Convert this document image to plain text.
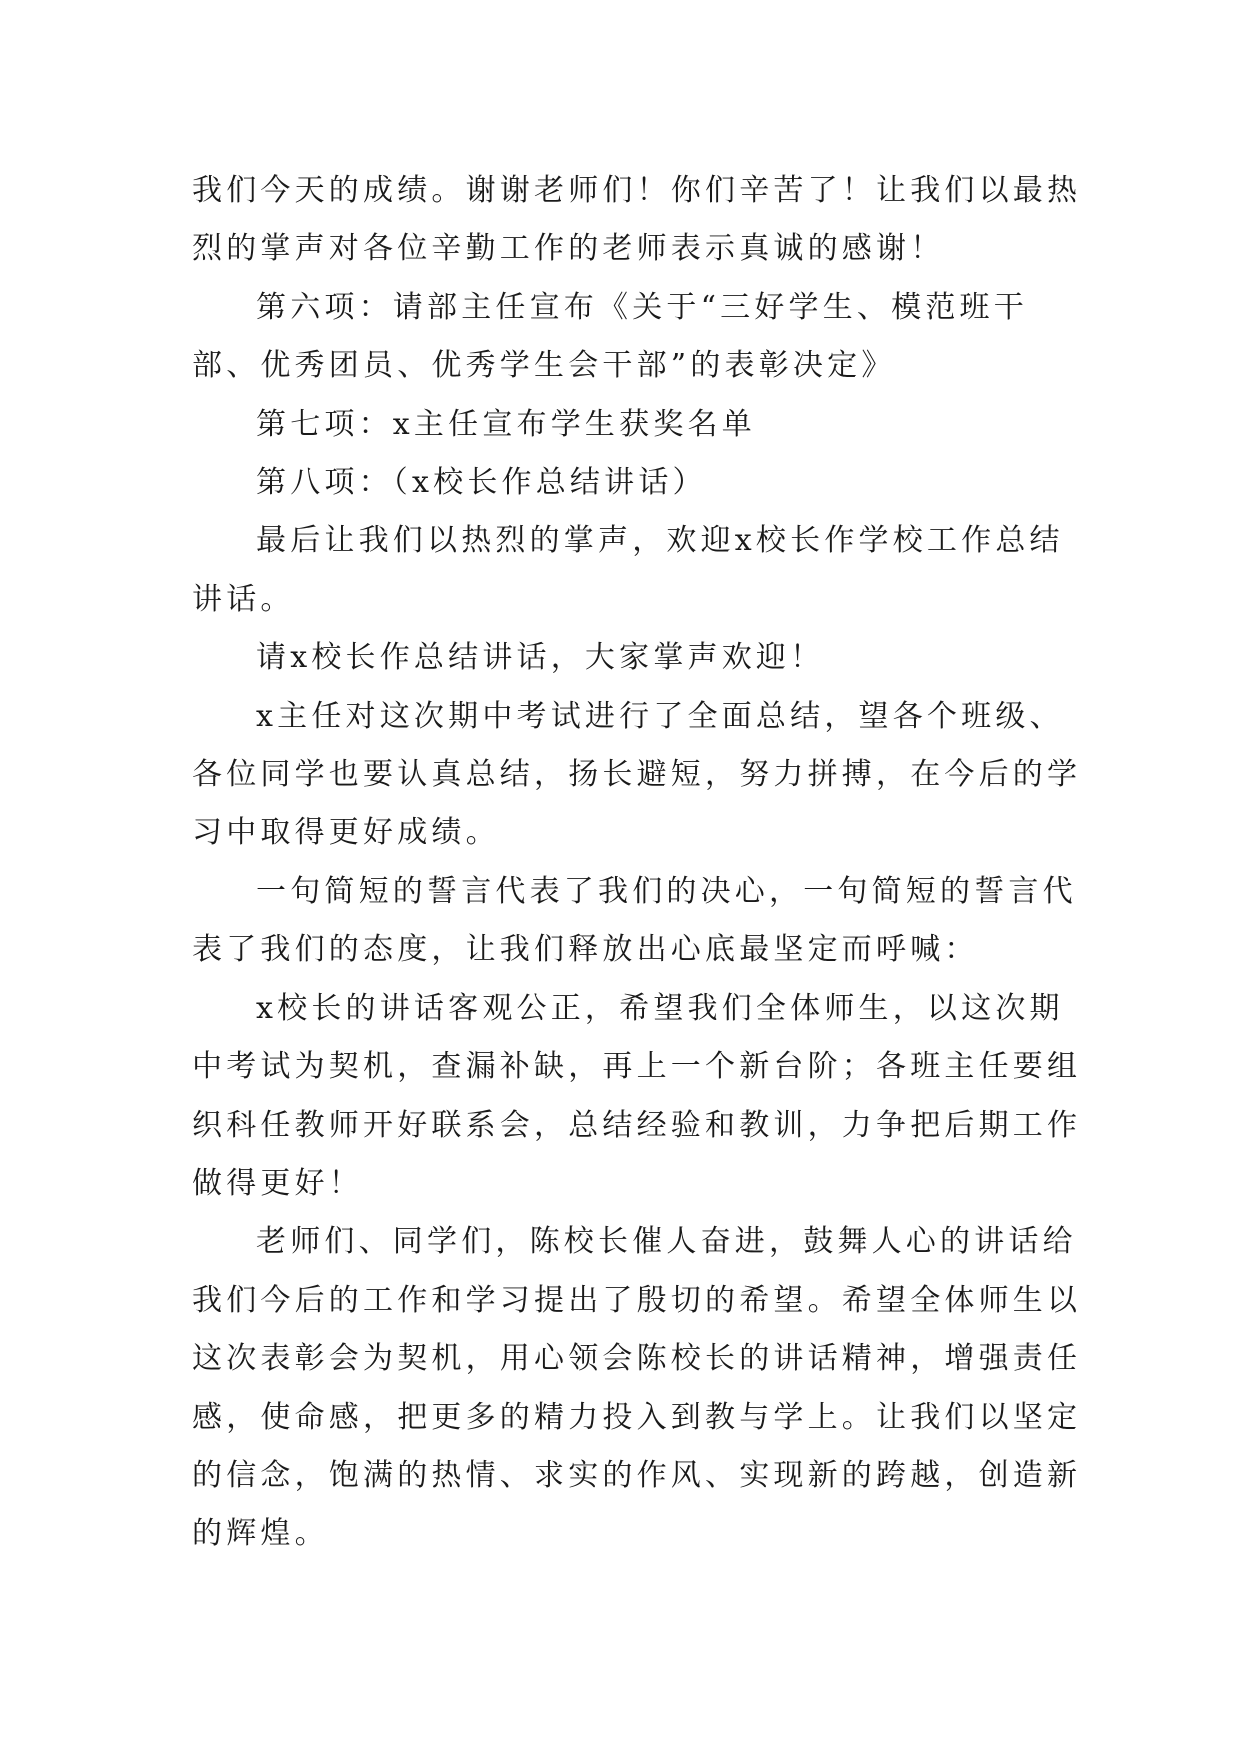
我们今天的成绩。谢谢老师们！你们辛苦了！让我们以最热烈的掌声对各位辛勤工作的老师表示真诚的感谢！

第六项：请部主任宣布《关于“三好学生、模范班干部、优秀团员、优秀学生会干部”的表彰决定》

第七项：x主任宣布学生获奖名单

第八项：（x校长作总结讲话）

最后让我们以热烈的掌声，欢迎x校长作学校工作总结讲话。

请x校长作总结讲话，大家掌声欢迎！

x主任对这次期中考试进行了全面总结，望各个班级、各位同学也要认真总结，扬长避短，努力拼搏，在今后的学习中取得更好成绩。

一句简短的誓言代表了我们的决心，一句简短的誓言代表了我们的态度，让我们释放出心底最坚定而呼喊：

x校长的讲话客观公正，希望我们全体师生，以这次期中考试为契机，查漏补缺，再上一个新台阶；各班主任要组织科任教师开好联系会，总结经验和教训，力争把后期工作做得更好！

老师们、同学们，陈校长催人奋进，鼓舞人心的讲话给我们今后的工作和学习提出了殷切的希望。希望全体师生以这次表彰会为契机，用心领会陈校长的讲话精神，增强责任感，使命感，把更多的精力投入到教与学上。让我们以坚定的信念，饱满的热情、求实的作风、实现新的跨越，创造新的辉煌。
